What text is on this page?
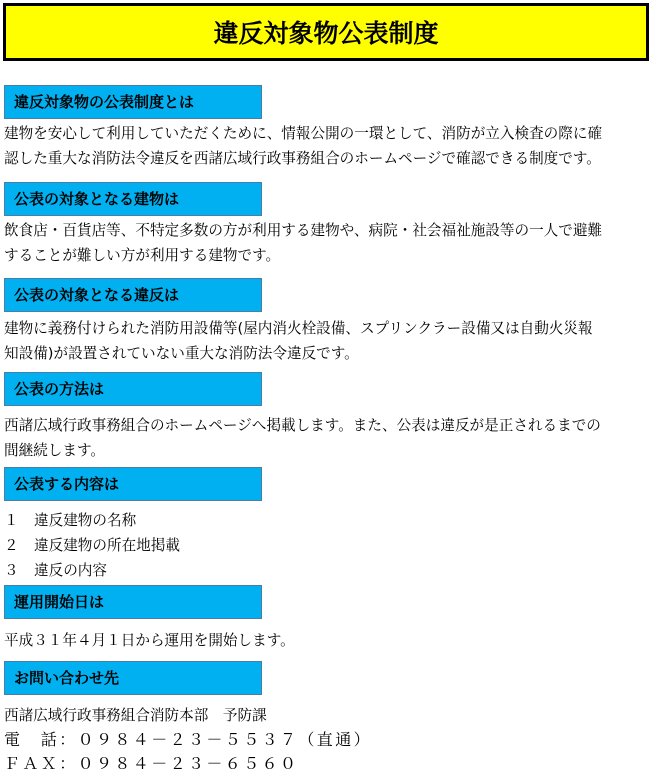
違反対象物公表制度
違反対象物の公表制度とは
建物を安心して利用していただくために、情報公開の一環として、消防が立入検査の際に確
認した重大な消防法令違反を西諸広域行政事務組合のホームページで確認できる制度です。
公表の対象となる建物は
飲食店・百貨店等、不特定多数の方が利用する建物や、病院・社会福祉施設等の一人で避難
することが難しい方が利用する建物です。
公表の対象となる違反は
建物に義務付けられた消防用設備等(屋内消火栓設備、スプリンクラー設備又は自動火災報
知設備)が設置されていない重大な消防法令違反です。
公表の方法は
西諸広域行政事務組合のホームページへ掲載します。また、公表は違反が是正されるまでの
間継続します。
公表する内容は
１ 違反建物の名称
２ 違反建物の所在地掲載
３ 違反の内容
運用開始日は
平成３１年４月１日から運用を開始します。
お問い合わせ先
西諸広域行政事務組合消防本部　予防課
電　話：０９８４－２３－５５３７（直通）
ＦＡＸ：０９８４－２３－６５６０
